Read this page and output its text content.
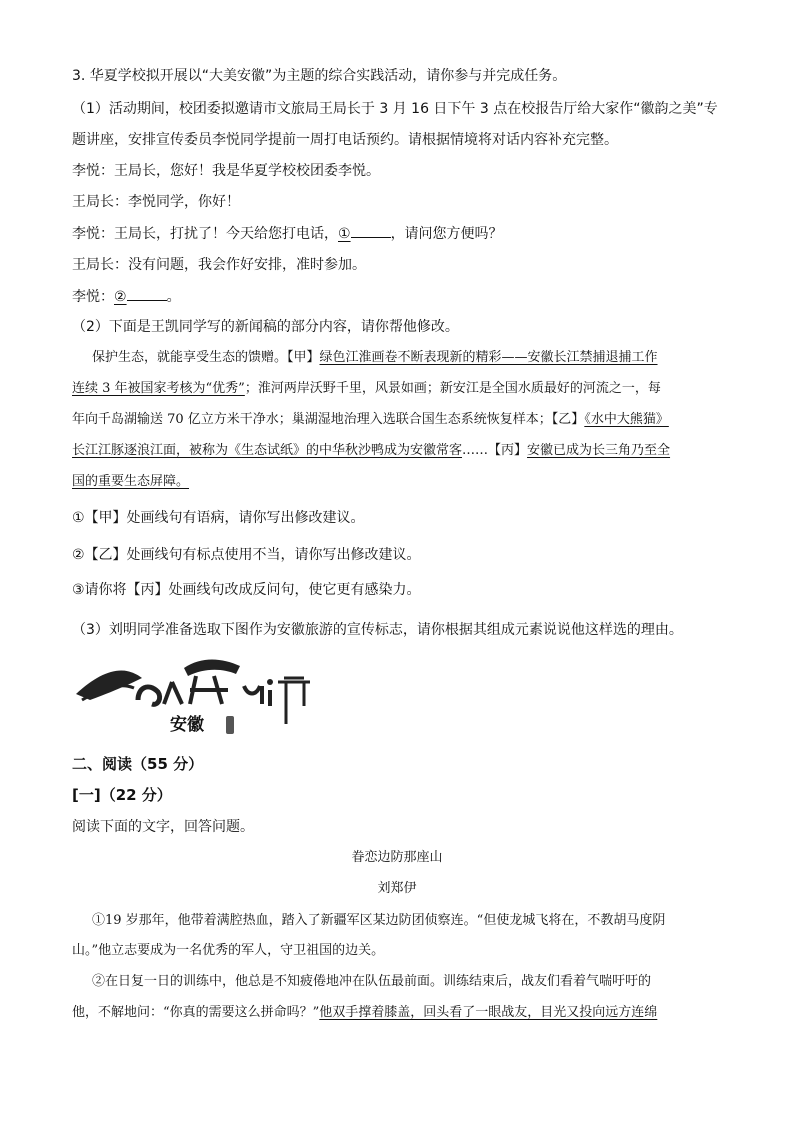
3. 华夏学校拟开展以“大美安徽”为主题的综合实践活动，请你参与并完成任务。
（1）活动期间，校团委拟邀请市文旅局王局长于 3 月 16 日下午 3 点在校报告厅给大家作“徽韵之美”专
题讲座，安排宣传委员李悦同学提前一周打电话预约。请根据情境将对话内容补充完整。
李悦：王局长，您好！我是华夏学校校团委李悦。
王局长：李悦同学，你好！
李悦：王局长，打扰了！今天给您打电话，①	，请问您方便吗？
王局长：没有问题，我会作好安排，准时参加。
李悦：②	。
（2）下面是王凯同学写的新闻稿的部分内容，请你帮他修改。
保护生态，就能享受生态的馈赠。【甲】绿色江淮画卷不断表现新的精彩——安徽长江禁捕退捕工作
连续 3 年被国家考核为“优秀”；淮河两岸沃野千里，风景如画；新安江是全国水质最好的河流之一，每
年向千岛湖输送 70 亿立方米干净水；巢湖湿地治理入选联合国生态系统恢复样本；【乙】《水中大熊猫》
长江江豚逐浪江面，被称为《生态试纸》的中华秋沙鸭成为安徽常客……【丙】安徽已成为长三角乃至全
国的重要生态屏障。
①【甲】处画线句有语病，请你写出修改建议。
②【乙】处画线句有标点使用不当，请你写出修改建议。
③请你将【丙】处画线句改成反问句，使它更有感染力。
（3）刘明同学准备选取下图作为安徽旅游的宣传标志，请你根据其组成元素说说他这样选的理由。
安徽
二、阅读（55 分）
[一]（22 分）
阅读下面的文字，回答问题。
眷恋边防那座山
刘郑伊
①19 岁那年，他带着满腔热血，踏入了新疆军区某边防团侦察连。“但使龙城飞将在，不教胡马度阴
山。”他立志要成为一名优秀的军人，守卫祖国的边关。
②在日复一日的训练中，他总是不知疲倦地冲在队伍最前面。训练结束后，战友们看着气喘吁吁的
他，不解地问：“你真的需要这么拼命吗？”他双手撑着膝盖，回头看了一眼战友，目光又投向远方连绵
